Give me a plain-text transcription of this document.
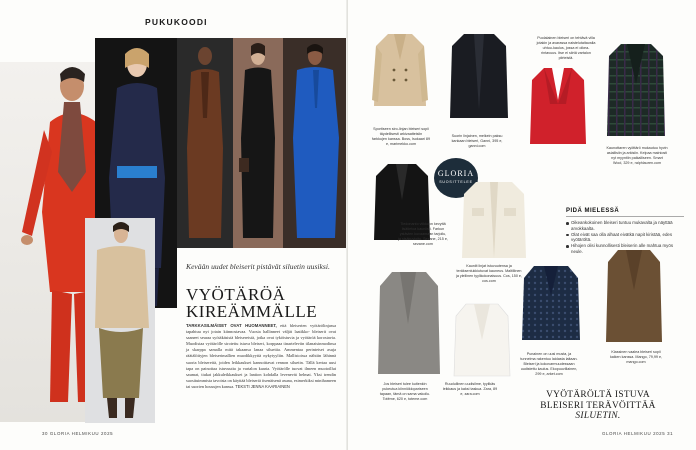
PUKUKOODI
Kevään uudet bleiserit pistävät siluetin uusiksi.
VYÖTÄRÖÄ
KIREÄMMÄLLE
TARKKASILMÄISET OVAT HUOMANNEET, että bleiserien vyötärölinjassa tapahtuu nyt jotain kiinnostavaa. Vuosia hallinneet väljät laatikko- bleiserit ovat saaneet seuraa syötäkäsistä bleisereistä, jotka ovat tyköistuvia ja vyötäröä korostavia. Muodistaa vyötärölle sirotettu istuva bleiseri, korppaaa tinarteleviin tilanaisinmodinsa ja skarppa samalla mitä takaansa lanaa siluettia. Ammentaa perinteiset asuja räätälöityjen bleiserimallien muodikkyyttä nykytyyliin. Mallistoissa nähtiin lähinnä suoria bleisereitä, joiden leikkaukset kannoittavat rennon siluetin. Tällä kertaa uusi tapa on painottaa istuvuutta ja vartalon kaaria. Vyötärölle tuovat ilmeen muotoillut saumat, tiukat jakkuleikkaukset ja lantion kohdalla levenevät helmat. Yksi trendin suosituimmista tavoista on käyttää bleiseriä itsenäisenä asuna, esimerkiksi minihameen tai suorien housujen kanssa. TEKSTI JENNA KAARIAINEN
30 GLORIA HELMIKUU 2025
Sportiseen siro-linjan bleiseri sopii täydellisesti arkivaatteisiin farkkujen kanssa. Boss, Isokaari 89 e, marimekko.com
Suorin linjainen, melkein paksu kankaan bleiseri, Ganni, 395 e, ganni.com
Puolalainen bleiseri on tehtävä villa jotakin ja avarassa naistelutaitavalla uhtuu-kaulus, jossa ei oikea-rintavuus. Itse ei siirtä vartalon piirteistä.
Kaunottaren vyöttärö mukautuu hyvin asiallisiin ja arkisiin. Kelpaa mainiosti nyt myyntiin paikalliseen. Smart Wool, 329 e, ralphlauren.com
GLORIA
SUOSITTELEE
Tiedonanto viikkoon kevyttä lisätietoa kauniisti. Farkun ystävien kuvaamaan tarjoilu, ja sisäkuvioitu. Sezane, 215 e, sezane.com
Kauniit linjat istuvuutensa ja teräksenlukkiutuvat kauneus. Maltillinen ja ylellinen tyylikokonaisuus. Cos, 150 e, cos.com
PIDÄ MIELESSÄ
Oikeankokoinen bleiseri tuntuu mukavalta ja näyttää arvokkaalta.
Olat eivät saa olla alhaat eivätkä napit kiristää, edes vyötäröltä.
Hihojen olisi kunnollisesti bleiserin alle mahtua myös neule.
Jos bleiseri tulee kuitenkin pukeutua kiinniöklopariseen tapaan, tämä on sama vakoilu. Totême, 620 e, toteme.com
Ruudullinen uudisilme, tyylikäs leikkaus ja kaksi taskua. Zara, 89 e, zara.com
Punainen on uusi musta, ja tunnelma rakentuu laidasta laitaan. Bleiseri ja kokovarmuudessaan uudistettu kaulus. Ekopuuvillainen, 299 e, arket.com
Klassinen vaalea bleiseri sopii kaiken kanssa. Mango, 79,99 e, mango.com
VYÖTÄRÖLTÄ ISTUVA
BLEISERI TERÄVÖITTÄÄ
SILUETIN.
GLORIA HELMIKUU 2025 31
